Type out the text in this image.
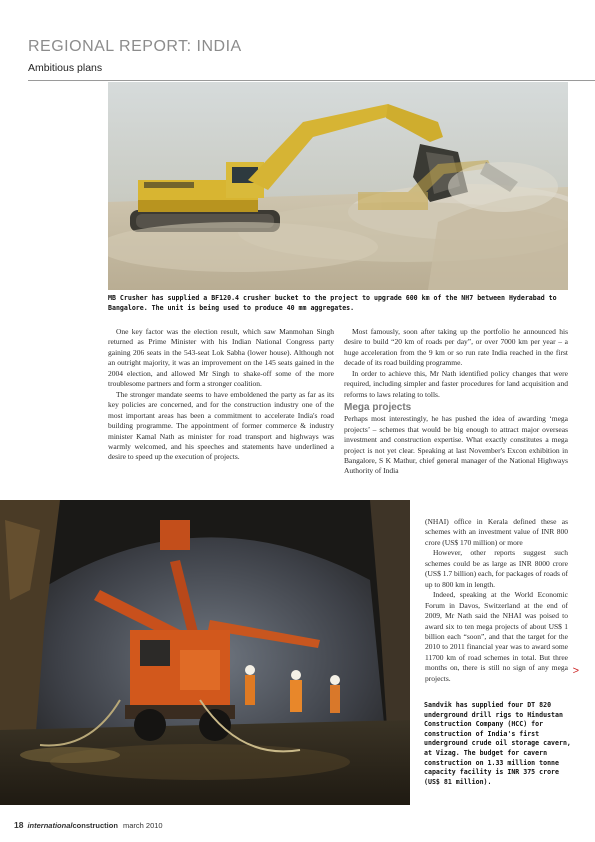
REGIONAL REPORT: INDIA
Ambitious plans
MB Crusher has supplied a BF120.4 crusher bucket to the project to upgrade 600 km of the NH7 between Hyderabad to Bangalore. The unit is being used to produce 40 mm aggregates.

One key factor was the election result, which saw Manmohan Singh returned as Prime Minister with his Indian National Congress party gaining 206 seats in the 543-seat Lok Sabha (lower house). Although not an outright majority, it was an improvement on the 145 seats gained in the 2004 election, and allowed Mr Singh to shake-off some of the more troublesome partners and form a stronger coalition.

The stronger mandate seems to have emboldened the party as far as its key policies are concerned, and for the construction industry one of the most important areas has been a commitment to accelerate India's road building programme. The appointment of former commerce & industry minister Kamal Nath as minister for road transport and highways was warmly welcomed, and his speeches and statements have underlined a desire to speed up the execution of projects.

Most famously, soon after taking up the portfolio he announced his desire to build “20 km of roads per day”, or over 7000 km per year – a huge acceleration from the 9 km or so run rate India reached in the first decade of its road building programme.

In order to achieve this, Mr Nath identified policy changes that were required, including simpler and faster procedures for land acquisition and reforms to laws relating to tolls.

Mega projects

Perhaps most interestingly, he has pushed the idea of awarding ‘mega projects’ – schemes that would be big enough to attract major overseas investment and construction expertise. What exactly constitutes a mega project is not yet clear. Speaking at last November's Excon exhibition in Bangalore, S K Mathur, chief general manager of the National Highways Authority of India

(NHAI) office in Kerala defined these as schemes with an investment value of INR 800 crore (US$ 170 million) or more

However, other reports suggest such schemes could be as large as INR 8000 crore (US$ 1.7 billion) each, for packages of roads of up to 800 km in length.

Indeed, speaking at the World Economic Forum in Davos, Switzerland at the end of 2009, Mr Nath said the NHAI was poised to award six to ten mega projects of about US$ 1 billion each “soon”, and that the target for the 2010 to 2011 financial year was to award some 11700 km of road schemes in total. But three months on, there is still no sign of any mega projects.

>
Sandvik has supplied four DT 820 underground drill rigs to Hindustan Construction Company (HCC) for construction of India's first underground crude oil storage cavern, at Vizag. The budget for cavern construction on 1.33 million tonne capacity facility is INR 375 crore (US$ 81 million).
18 internationalconstruction march 2010
